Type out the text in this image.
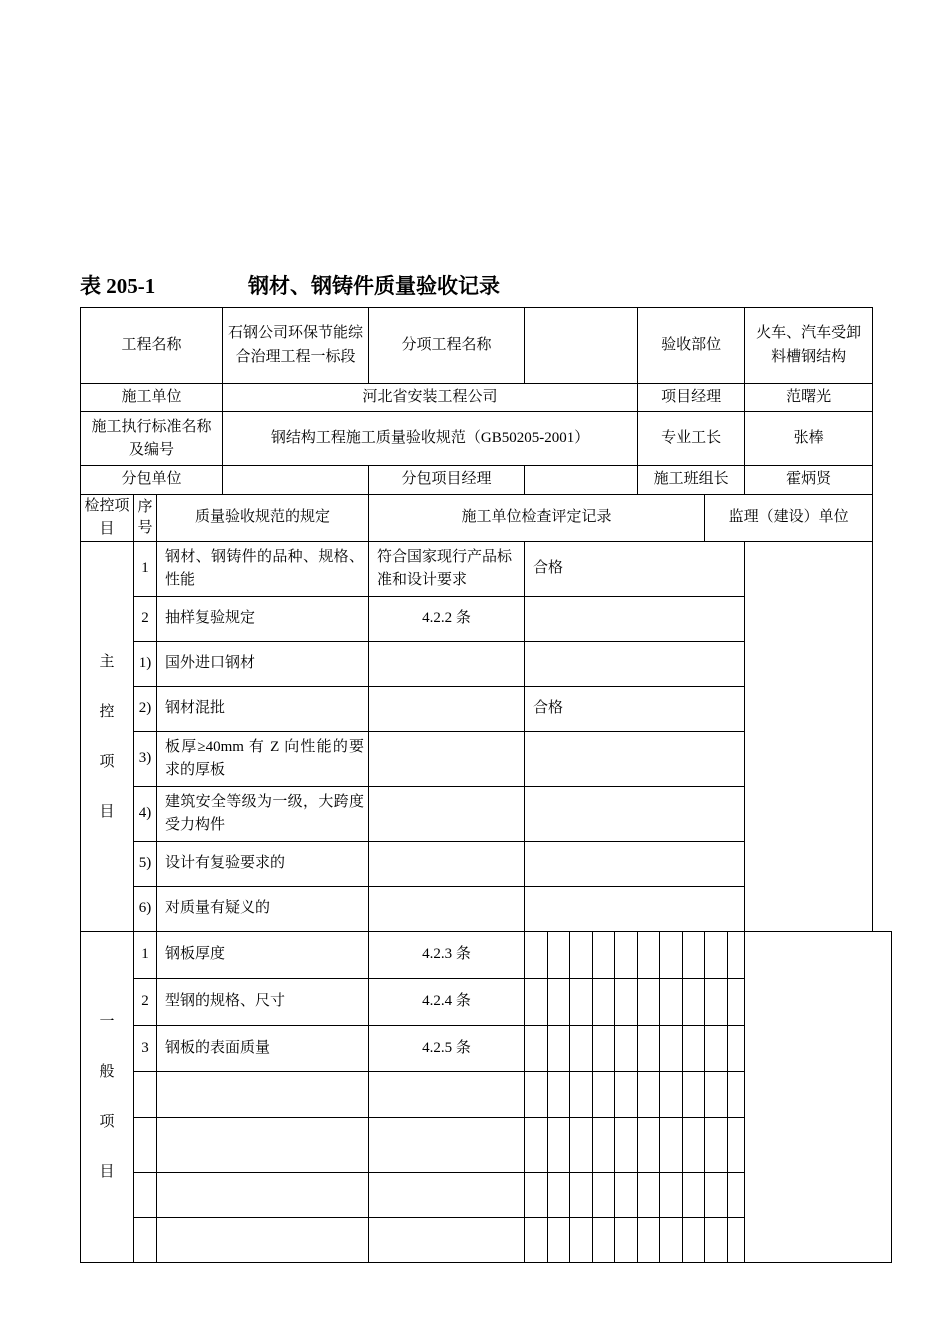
表 205-1	钢材、钢铸件质量验收记录
工程名称			石钢公司环保节能综合治理工程一标段	分项工程名称						验收部位					火车、汽车受卸料槽钢结构
施工单位			河北省安装工程公司							项目经理					范曙光
施工执行标准名称及编号			钢结构工程施工质量验收规范（GB50205-2001）							专业工长					张棒
分包单位				分包项目经理						施工班组长					霍炳贤
检控项目	序号	质量验收规范的规定		施工单位检查评定记录									监理（建设）单位		

主
控
项
目	1	钢材、钢铸件的品种、规格、性能		符合国家现行产品标准和设计要求	合格										
	2	抽样复验规定		4.2.2 条											
	1)	国外进口钢材													
	2)	钢材混批			合格										
	3)	板厚≥40mm 有 Z 向性能的要求的厚板													
	4)	建筑安全等级为一级，大跨度受力构件													
	5)	设计有复验要求的													
	6)	对质量有疑义的													

一
般
项
目	1	钢板厚度		4.2.3 条											
	2	型钢的规格、尺寸		4.2.4 条											
	3	钢板的表面质量		4.2.5 条											
